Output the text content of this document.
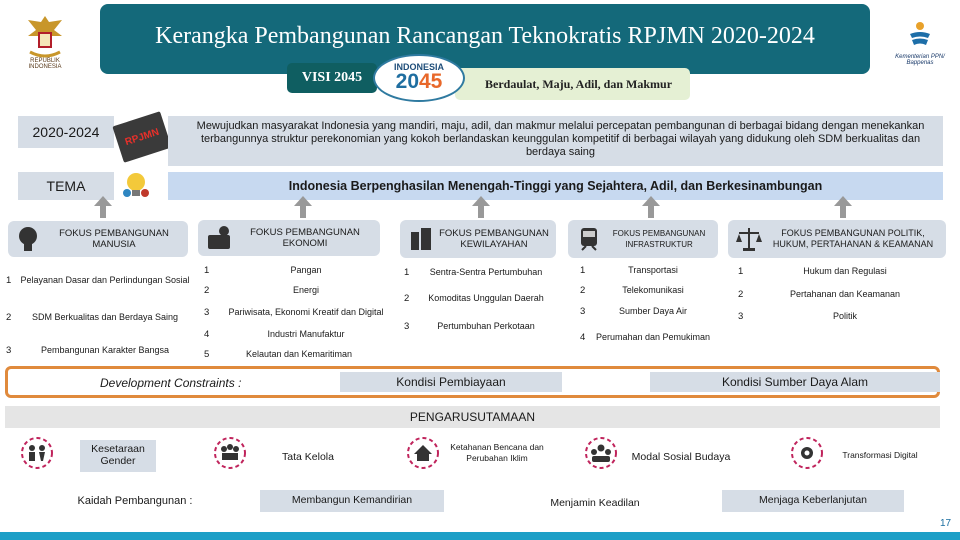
REPUBLIK INDONESIA
Kerangka Pembangunan Rancangan Teknokratis RPJMN 2020-2024
Kementerian PPN/ Bappenas
VISI 2045	Berdaulat, Maju, Adil, dan Makmur
INDONESIA
2045
2020-2024	RPJMN
Mewujudkan masyarakat Indonesia yang mandiri, maju, adil, dan makmur melalui percepatan pembangunan di berbagai bidang dengan menekankan terbangunnya struktur perekonomian yang kokoh berlandaskan keunggulan kompetitif di berbagai wilayah yang didukung oleh SDM berkualitas dan berdaya saing
TEMA	Indonesia Berpenghasilan Menengah-Tinggi yang Sejahtera, Adil, dan Berkesinambungan
FOKUS PEMBANGUNAN MANUSIA
1	Pelayanan Dasar dan Perlindungan Sosial
2	SDM Berkualitas dan Berdaya Saing
3	Pembangunan Karakter Bangsa
FOKUS PEMBANGUNAN EKONOMI
1	Pangan
2	Energi
3	Pariwisata, Ekonomi Kreatif dan Digital
4	Industri Manufaktur
5	Kelautan dan Kemaritiman
FOKUS PEMBANGUNAN KEWILAYAHAN
1	Sentra-Sentra Pertumbuhan
2	Komoditas Unggulan Daerah
3	Pertumbuhan Perkotaan
FOKUS PEMBANGUNAN INFRASTRUKTUR
1	Transportasi
2	Telekomunikasi
3	Sumber Daya Air
4	Perumahan dan Pemukiman
FOKUS PEMBANGUNAN POLITIK, HUKUM, PERTAHANAN & KEAMANAN
1	Hukum dan Regulasi
2	Pertahanan dan Keamanan
3	Politik
Development Constraints :	Kondisi Pembiayaan	Kondisi Sumber Daya Alam
PENGARUSUTAMAAN
Kesetaraan Gender	Tata Kelola
Ketahanan Bencana dan Perubahan Iklim	Modal Sosial Budaya	Transformasi Digital
Kaidah Pembangunan :	Membangun Kemandirian	Menjamin Keadilan	Menjaga Keberlanjutan
17
